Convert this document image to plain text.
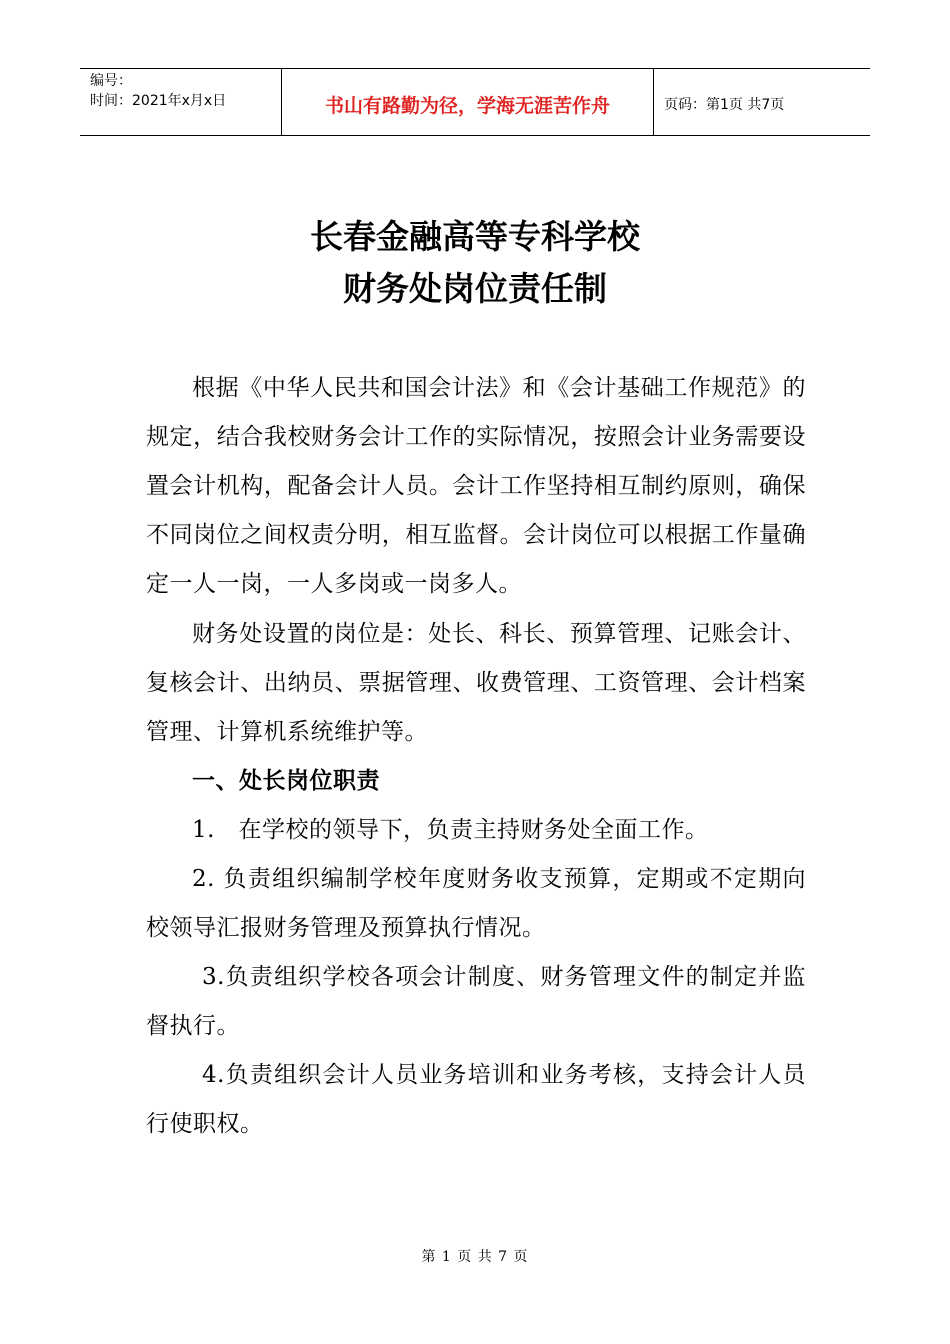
编号：
时间：2021年x月x日	书山有路勤为径，学海无涯苦作舟	页码：第1页 共7页
长春金融高等专科学校
财务处岗位责任制

根据《中华人民共和国会计法》和《会计基础工作规范》的规定，结合我校财务会计工作的实际情况，按照会计业务需要设置会计机构，配备会计人员。会计工作坚持相互制约原则，确保不同岗位之间权责分明，相互监督。会计岗位可以根据工作量确定一人一岗，一人多岗或一岗多人。

财务处设置的岗位是：处长、科长、预算管理、记账会计、复核会计、出纳员、票据管理、收费管理、工资管理、会计档案管理、计算机系统维护等。

一、处长岗位职责

1.　在学校的领导下，负责主持财务处全面工作。

2. 负责组织编制学校年度财务收支预算，定期或不定期向校领导汇报财务管理及预算执行情况。

3.负责组织学校各项会计制度、财务管理文件的制定并监督执行。

4.负责组织会计人员业务培训和业务考核，支持会计人员行使职权。

第 1 页 共 7 页
